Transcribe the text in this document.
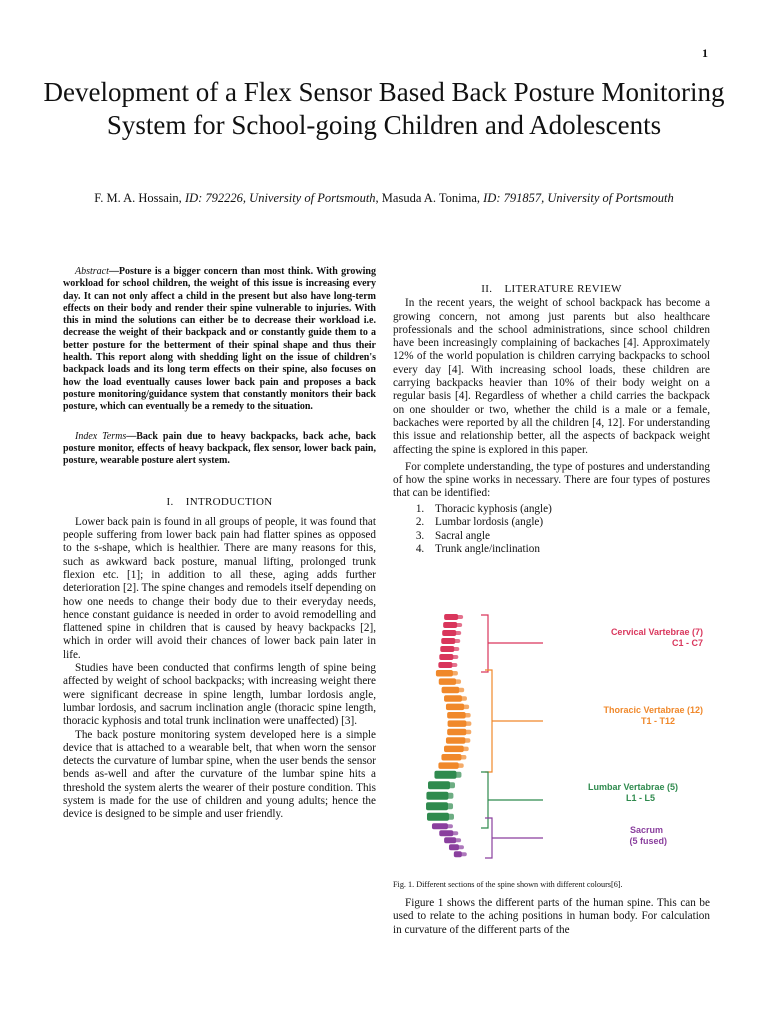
1
Development of a Flex Sensor Based Back Posture Monitoring System for School-going Children and Adolescents
F. M. A. Hossain, ID: 792226, University of Portsmouth, Masuda A. Tonima, ID: 791857, University of Portsmouth

Abstract—Posture is a bigger concern than most think. With growing workload for school children, the weight of this issue is increasing every day. It can not only affect a child in the present but also have long-term effects on their body and render their spine vulnerable to injuries. With this in mind the solutions can either be to decrease their workload i.e. decrease the weight of their backpack and or constantly guide them to a better posture for the betterment of their spinal shape and thus their health. This report along with shedding light on the issue of children's backpack loads and its long term effects on their spine, also focuses on how the load eventually causes lower back pain and proposes a back posture monitoring/guidance system that constantly monitors their back posture, which can eventually be a remedy to the situation.

Index Terms—Back pain due to heavy backpacks, back ache, back posture monitor, effects of heavy backpack, flex sensor, lower back pain, posture, wearable posture alert system.

I.    INTRODUCTION

Lower back pain is found in all groups of people, it was found that people suffering from lower back pain had flatter spines as opposed to the s-shape, which is healthier. There are many reasons for this, such as awkward back posture, manual lifting, prolonged trunk flexion etc. [1]; in addition to all these, aging adds further deterioration [2]. The spine changes and remodels itself depending on how one needs to change their body due to their everyday needs, hence constant guidance is needed in order to avoid remodelling and flattened spine in children that is caused by heavy backpacks [2], which in order will avoid their chances of lower back pain later in life.

Studies have been conducted that confirms length of spine being affected by weight of school backpacks; with increasing weight there were significant decrease in spine length, lumbar lordosis angle, lumbar lordosis, and sacrum inclination angle (thoracic spine length, thoracic kyphosis and total trunk inclination were unaffected) [3].

The back posture monitoring system developed here is a simple device that is attached to a wearable belt, that when worn the sensor detects the curvature of lumbar spine, when the user bends the sensor bends as-well and after the curvature of the lumbar spine hits a threshold the system alerts the wearer of their posture condition. This system is made for the use of children and young adults; hence the device is designed to be simple and user friendly.

II.    LITERATURE REVIEW

In the recent years, the weight of school backpack has become a growing concern, not among just parents but also healthcare professionals and the school administrations, since school children have been increasingly complaining of backaches [4]. Approximately 12% of the world population is children carrying backpacks to school every day [4]. With increasing school loads, these children are carrying backpacks heavier than 10% of their body weight on a regular basis [4]. Regardless of whether a child carries the backpack on one shoulder or two, whether the child is a male or a female, backaches were reported by all the children [4, 12]. For understanding this issue and relationship better, all the aspects of backpack weight affecting the spine is explored in this paper.

For complete understanding, the type of postures and understanding of how the spine works in necessary. There are four types of postures that can be identified:

1. Thoracic kyphosis (angle)
2. Lumbar lordosis (angle)
3. Sacral angle
4. Trunk angle/inclination
Cervical Vartebrae (7)
C1 - C7
Thoracic Vertabrae (12)
T1 - T12
Lumbar Vertabrae (5)
L1 - L5
Sacrum
(5 fused)
Fig. 1. Different sections of the spine shown with different colours[6].

Figure 1 shows the different parts of the human spine. This can be used to relate to the aching positions in human body. For calculation in curvature of the different parts of the
